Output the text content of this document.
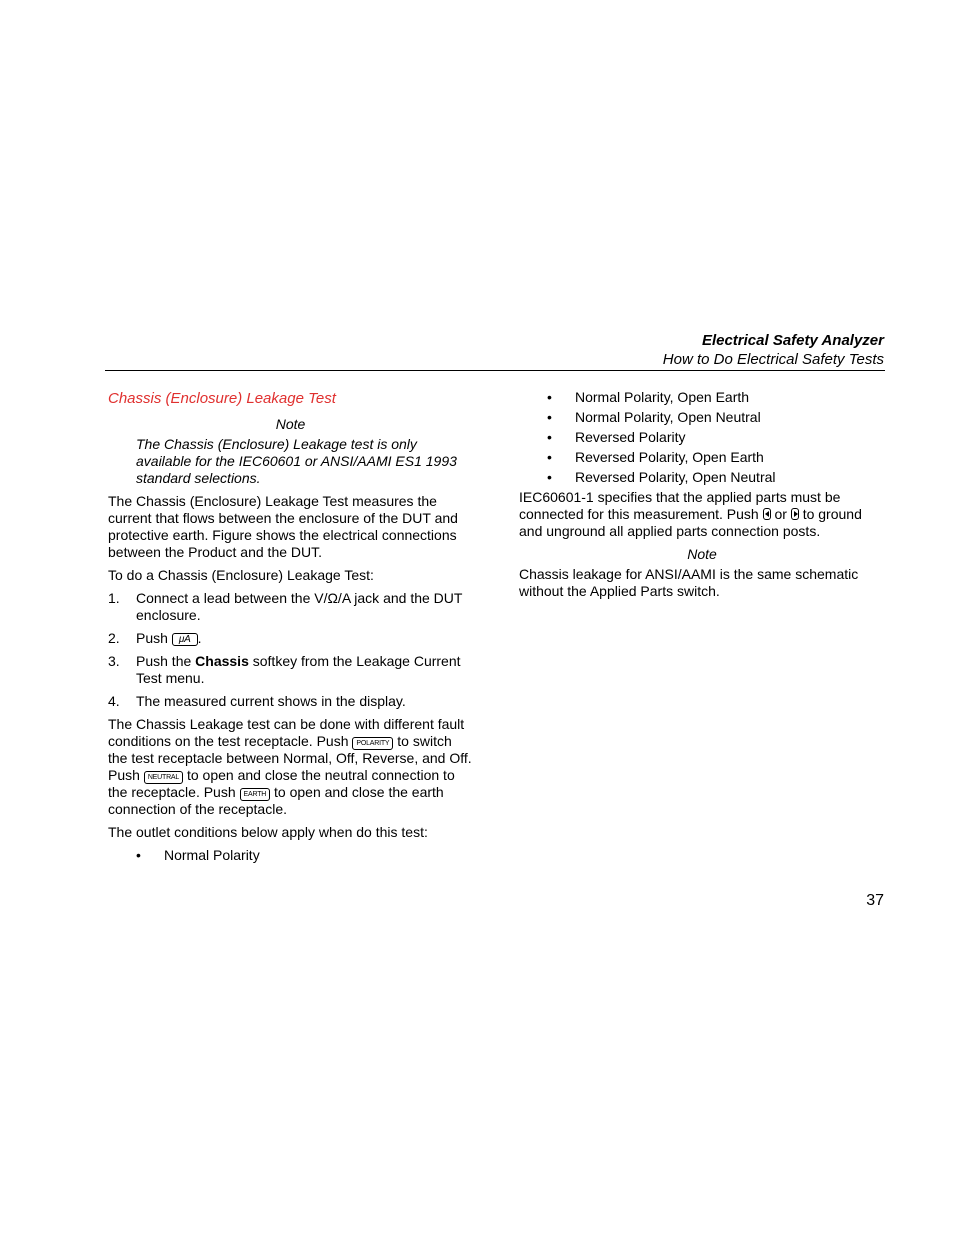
Electrical Safety Analyzer
How to Do Electrical Safety Tests
Chassis (Enclosure) Leakage Test
Note
The Chassis (Enclosure) Leakage test is only available for the IEC60601 or ANSI/AAMI ES1 1993 standard selections.

The Chassis (Enclosure) Leakage Test measures the current that flows between the enclosure of the DUT and protective earth. Figure shows the electrical connections between the Product and the DUT.

To do a Chassis (Enclosure) Leakage Test:

1. Connect a lead between the V/Ω/A jack and the DUT enclosure.
2. Push μA .
3. Push the Chassis softkey from the Leakage Current Test menu.
4. The measured current shows in the display.

The Chassis Leakage test can be done with different fault conditions on the test receptacle. Push POLARITY to switch the test receptacle between Normal, Off, Reverse, and Off. Push NEUTRAL to open and close the neutral connection to the receptacle. Push EARTH to open and close the earth connection of the receptacle.

The outlet conditions below apply when do this test:

•	Normal Polarity
•	Normal Polarity, Open Earth
•	Normal Polarity, Open Neutral
•	Reversed Polarity
•	Reversed Polarity, Open Earth
•	Reversed Polarity, Open Neutral

IEC60601-1 specifies that the applied parts must be connected for this measurement. Push
or
to ground and unground all applied parts connection posts.

Note

Chassis leakage for ANSI/AAMI is the same schematic without the Applied Parts switch.

37
